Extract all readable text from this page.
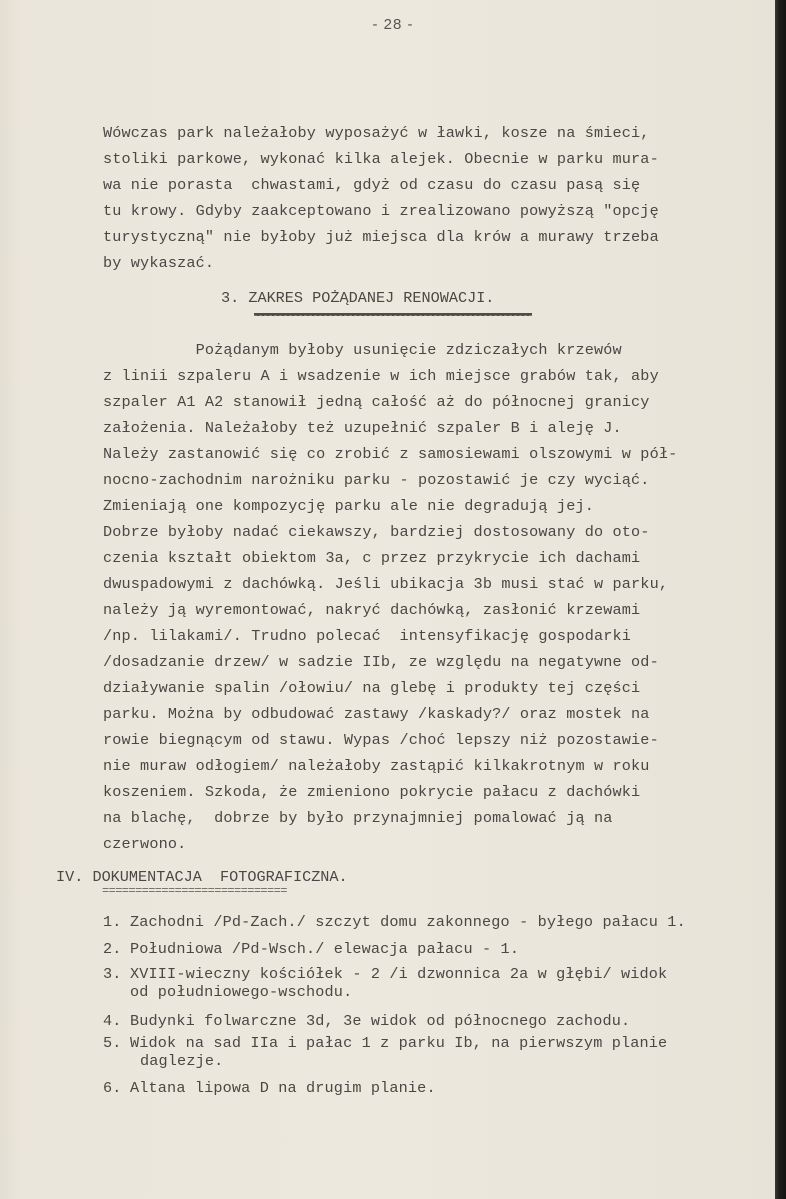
- 28 -
Wówczas park należałoby wyposażyć w ławki, kosze na śmieci,
stoliki parkowe, wykonać kilka alejek. Obecnie w parku mura-
wa nie porasta  chwastami, gdyż od czasu do czasu pasą się
tu krowy. Gdyby zaakceptowano i zrealizowano powyższą "opcję
turystyczną" nie byłoby już miejsca dla krów a murawy trzeba
by wykaszać.
3. ZAKRES POŻĄDANEJ RENOWACJI.
Pożądanym byłoby usunięcie zdziczałych krzewów
z linii szpaleru A i wsadzenie w ich miejsce grabów tak, aby
szpaler A1 A2 stanowił jedną całość aż do północnej granicy
założenia. Należałoby też uzupełnić szpaler B i aleję J.
Należy zastanowić się co zrobić z samosiewami olszowymi w pół-
nocno-zachodnim narożniku parku - pozostawić je czy wyciąć.
Zmieniają one kompozycję parku ale nie degradują jej.
Dobrze byłoby nadać ciekawszy, bardziej dostosowany do oto-
czenia kształt obiektom 3a, c przez przykrycie ich dachami
dwuspadowymi z dachówką. Jeśli ubikacja 3b musi stać w parku,
należy ją wyremontować, nakryć dachówką, zasłonić krzewami
/np. lilakami/. Trudno polecać  intensyfikację gospodarki
/dosadzanie drzew/ w sadzie IIb, ze względu na negatywne od-
działywanie spalin /ołowiu/ na glebę i produkty tej części
parku. Można by odbudować zastawy /kaskady?/ oraz mostek na
rowie biegnącym od stawu. Wypas /choć lepszy niż pozostawie-
nie muraw odłogiem/ należałoby zastąpić kilkakrotnym w roku
koszeniem. Szkoda, że zmieniono pokrycie pałacu z dachówki
na blachę,  dobrze by było przynajmniej pomalować ją na
czerwono.
IV. DOKUMENTACJA  FOTOGRAFICZNA.
============================
1. Zachodni /Pd-Zach./ szczyt domu zakonnego - byłego pałacu 1.
2. Południowa /Pd-Wsch./ elewacja pałacu - 1.
3. XVIII-wieczny kościółek - 2 /i dzwonnica 2a w głębi/ widok
od południowego-wschodu.
4. Budynki folwarczne 3d, 3e widok od północnego zachodu.
5. Widok na sad IIa i pałac 1 z parku Ib, na pierwszym planie
daglezje.
6. Altana lipowa D na drugim planie.
